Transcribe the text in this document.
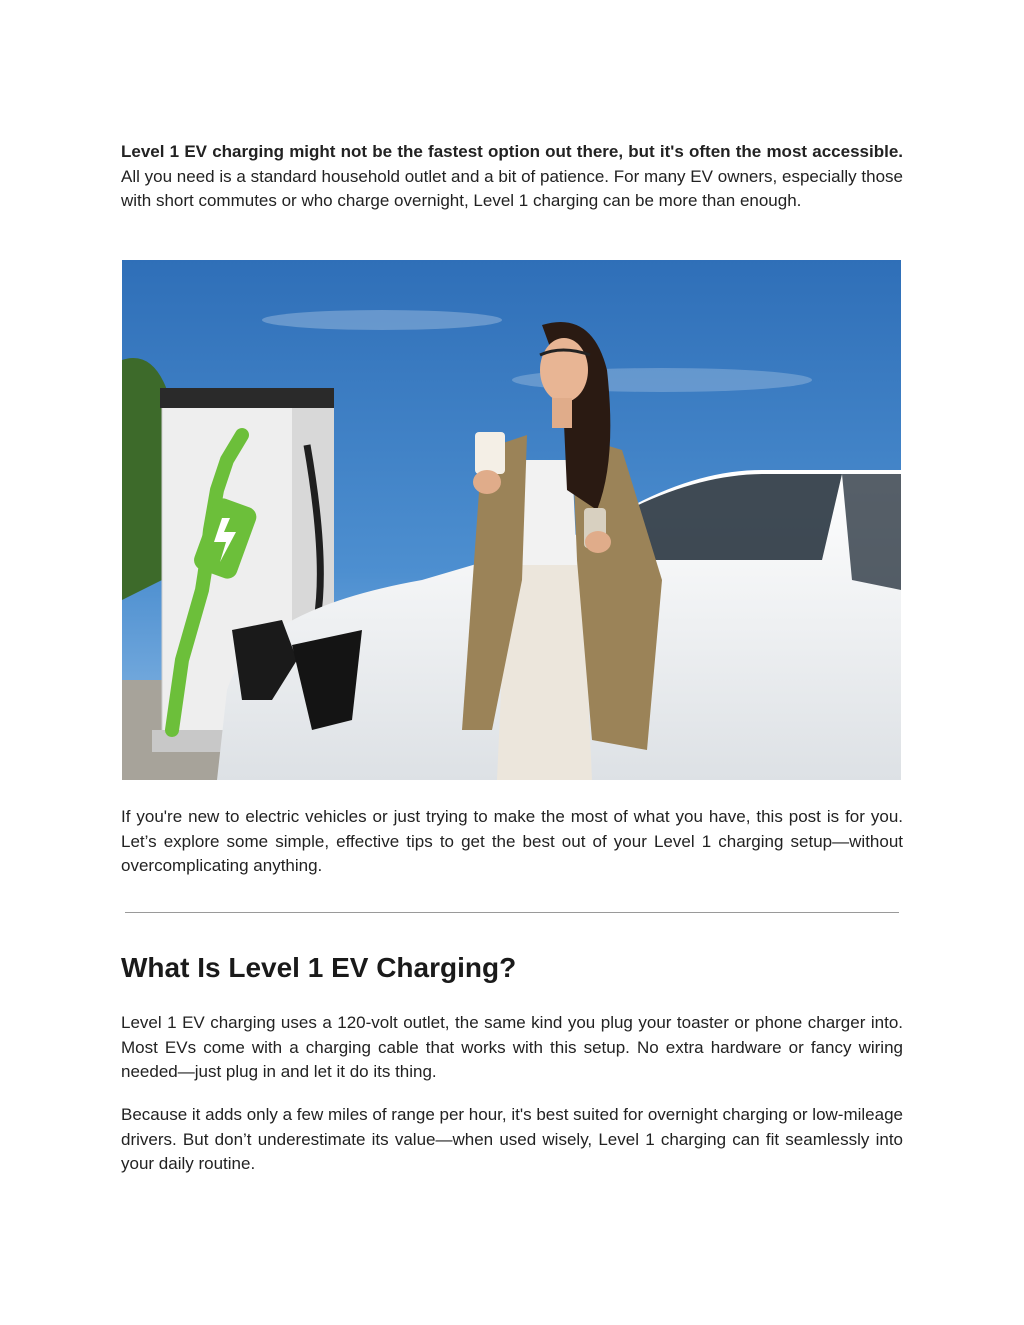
Level 1 EV charging might not be the fastest option out there, but it's often the most accessible. All you need is a standard household outlet and a bit of patience. For many EV owners, especially those with short commutes or who charge overnight, Level 1 charging can be more than enough.

If you're new to electric vehicles or just trying to make the most of what you have, this post is for you. Let’s explore some simple, effective tips to get the best out of your Level 1 charging setup—without overcomplicating anything.

What Is Level 1 EV Charging?

Level 1 EV charging uses a 120-volt outlet, the same kind you plug your toaster or phone charger into. Most EVs come with a charging cable that works with this setup. No extra hardware or fancy wiring needed—just plug in and let it do its thing.

Because it adds only a few miles of range per hour, it's best suited for overnight charging or low-mileage drivers. But don’t underestimate its value—when used wisely, Level 1 charging can fit seamlessly into your daily routine.
